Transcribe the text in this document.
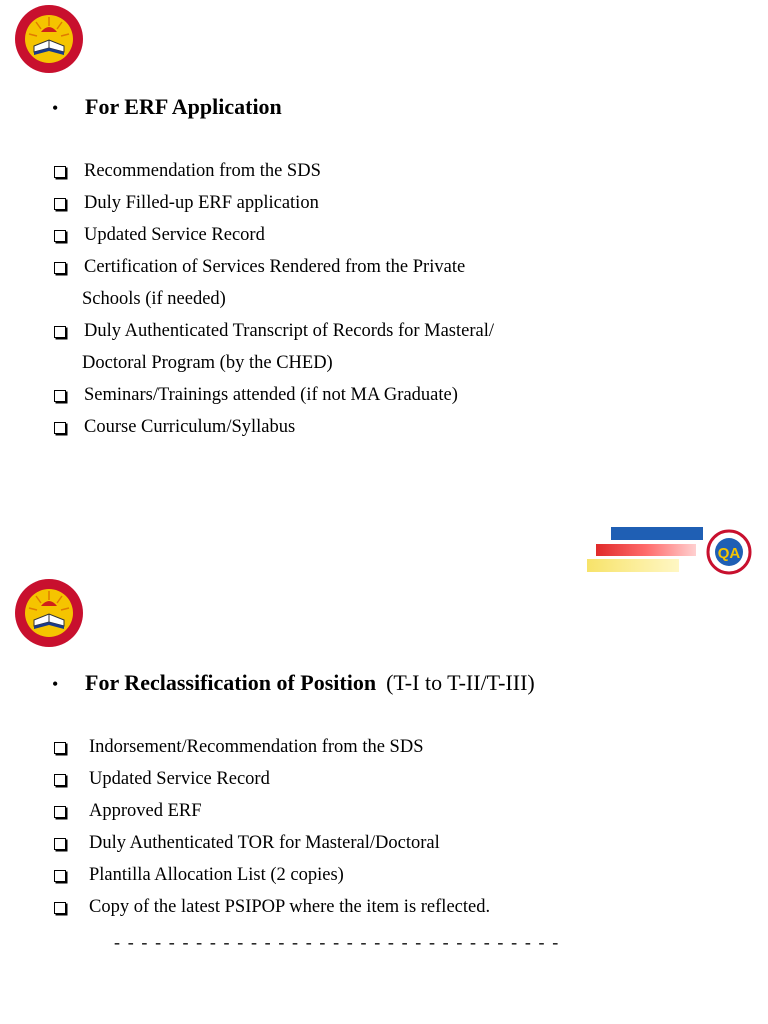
•	For ERF Application
Recommendation from the SDS
Duly Filled-up ERF application
Updated Service Record
Certification of Services Rendered from the Private
Schools (if needed)
Duly Authenticated Transcript of Records for Masteral/
Doctoral Program (by the CHED)
Seminars/Trainings attended (if not MA Graduate)
Course Curriculum/Syllabus
QA
•	For Reclassification of Position (T-I to T-II/T-III)
Indorsement/Recommendation from the SDS
Updated Service Record
Approved ERF
Duly Authenticated TOR for Masteral/Doctoral
Plantilla Allocation List (2 copies)
Copy of the latest PSIPOP where the item is reflected.
- - - - - - - - - - - - - - - - - - - - - - - - - - - - - - - - -
